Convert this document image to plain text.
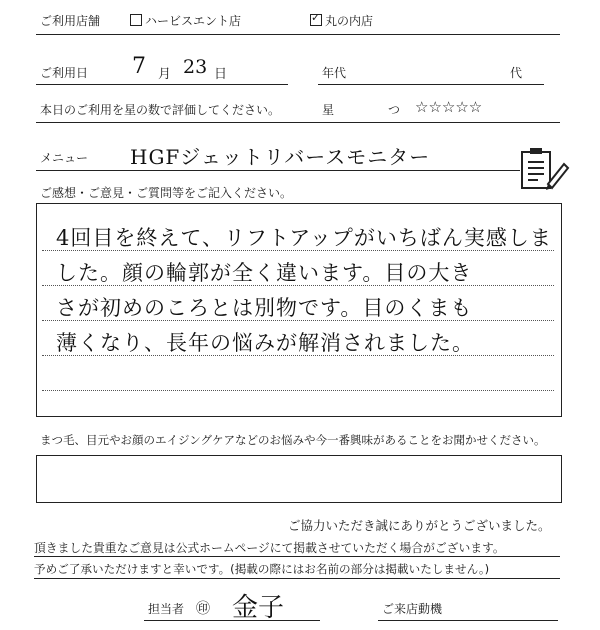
ご利用店舗	ハービスエント店
✓	丸の内店
ご利用日 7 月 23 日	年代	代
本日のご利用を星の数で評価してください。	星	つ ☆☆☆☆☆
メニュー HGFジェットリバースモニター
ご感想・ご意見・ご質問等をご記入ください。
4回目を終えて、リフトアップがいちばん実感しま
した。顔の輪郭が全く違います。目の大き
さが初めのころとは別物です。目のくまも
薄くなり、長年の悩みが解消されました。
まつ毛、目元やお顔のエイジングケアなどのお悩みや今一番興味があることをお聞かせください。
ご協力いただき誠にありがとうございました。
頂きました貴重なご意見は公式ホームページにて掲載させていただく場合がございます。
予めご了承いただけますと幸いです。(掲載の際にはお名前の部分は掲載いたしません。)
担当者 ㊞ 金子	ご来店動機
